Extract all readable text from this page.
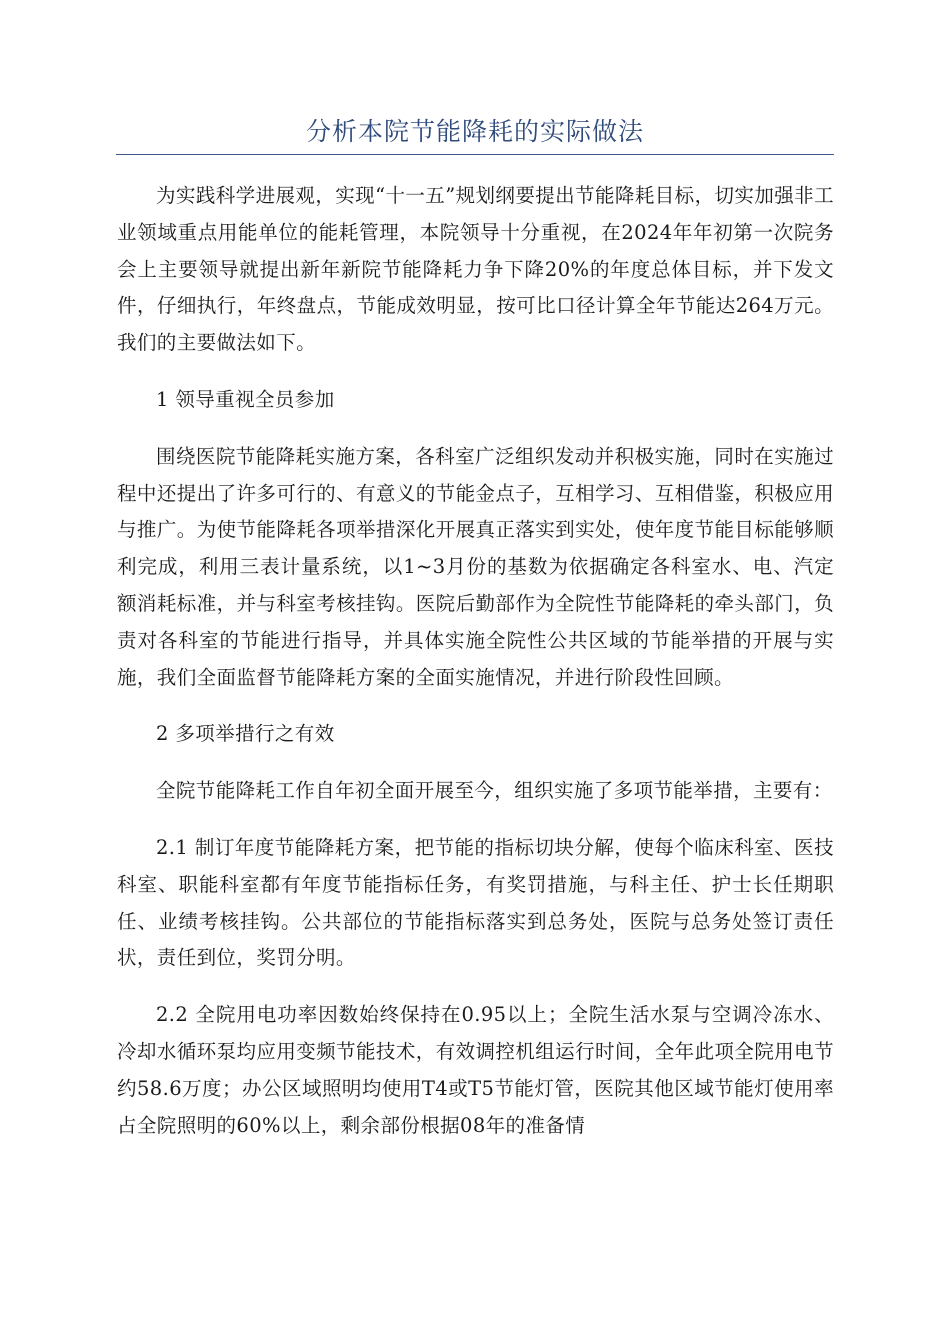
分析本院节能降耗的实际做法

为实践科学进展观，实现“十一五”规划纲要提出节能降耗目标，切实加强非工业领域重点用能单位的能耗管理，本院领导十分重视，在2024年年初第一次院务会上主要领导就提出新年新院节能降耗力争下降20%的年度总体目标，并下发文件，仔细执行，年终盘点，节能成效明显，按可比口径计算全年节能达264万元。我们的主要做法如下。

1 领导重视全员参加

围绕医院节能降耗实施方案，各科室广泛组织发动并积极实施，同时在实施过程中还提出了许多可行的、有意义的节能金点子，互相学习、互相借鉴，积极应用与推广。为使节能降耗各项举措深化开展真正落实到实处，使年度节能目标能够顺利完成，利用三表计量系统，以1~3月份的基数为依据确定各科室水、电、汽定额消耗标准，并与科室考核挂钩。医院后勤部作为全院性节能降耗的牵头部门，负责对各科室的节能进行指导，并具体实施全院性公共区域的节能举措的开展与实施，我们全面监督节能降耗方案的全面实施情况，并进行阶段性回顾。

2 多项举措行之有效

全院节能降耗工作自年初全面开展至今，组织实施了多项节能举措，主要有：

2.1 制订年度节能降耗方案，把节能的指标切块分解，使每个临床科室、医技科室、职能科室都有年度节能指标任务，有奖罚措施，与科主任、护士长任期职任、业绩考核挂钩。公共部位的节能指标落实到总务处，医院与总务处签订责任状，责任到位，奖罚分明。

2.2 全院用电功率因数始终保持在0.95以上；全院生活水泵与空调冷冻水、冷却水循环泵均应用变频节能技术，有效调控机组运行时间，全年此项全院用电节约58.6万度；办公区域照明均使用T4或T5节能灯管，医院其他区域节能灯使用率占全院照明的60%以上，剩余部份根据08年的准备情
